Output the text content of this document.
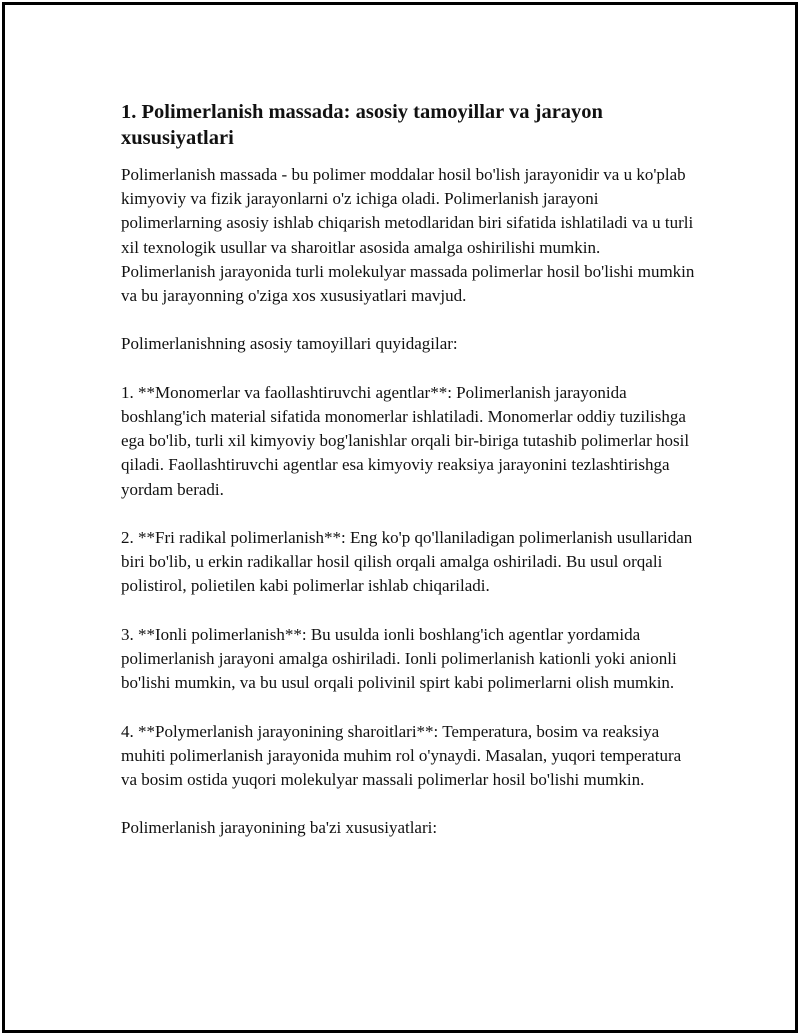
1. Polimerlanish massada: asosiy tamoyillar va jarayon xususiyatlari

Polimerlanish massada - bu polimer moddalar hosil bo'lish jarayonidir va u ko'plab kimyoviy va fizik jarayonlarni o'z ichiga oladi. Polimerlanish jarayoni polimerlarning asosiy ishlab chiqarish metodlaridan biri sifatida ishlatiladi va u turli xil texnologik usullar va sharoitlar asosida amalga oshirilishi mumkin. Polimerlanish jarayonida turli molekulyar massada polimerlar hosil bo'lishi mumkin va bu jarayonning o'ziga xos xususiyatlari mavjud.

Polimerlanishning asosiy tamoyillari quyidagilar:

1. **Monomerlar va faollashtiruvchi agentlar**: Polimerlanish jarayonida boshlang'ich material sifatida monomerlar ishlatiladi. Monomerlar oddiy tuzilishga ega bo'lib, turli xil kimyoviy bog'lanishlar orqali bir-biriga tutashib polimerlar hosil qiladi. Faollashtiruvchi agentlar esa kimyoviy reaksiya jarayonini tezlashtirishga yordam beradi.

2. **Fri radikal polimerlanish**: Eng ko'p qo'llaniladigan polimerlanish usullaridan biri bo'lib, u erkin radikallar hosil qilish orqali amalga oshiriladi. Bu usul orqali polistirol, polietilen kabi polimerlar ishlab chiqariladi.

3. **Ionli polimerlanish**: Bu usulda ionli boshlang'ich agentlar yordamida polimerlanish jarayoni amalga oshiriladi. Ionli polimerlanish kationli yoki anionli bo'lishi mumkin, va bu usul orqali polivinil spirt kabi polimerlarni olish mumkin.

4. **Polymerlanish jarayonining sharoitlari**: Temperatura, bosim va reaksiya muhiti polimerlanish jarayonida muhim rol o'ynaydi. Masalan, yuqori temperatura va bosim ostida yuqori molekulyar massali polimerlar hosil bo'lishi mumkin.

Polimerlanish jarayonining ba'zi xususiyatlari:
